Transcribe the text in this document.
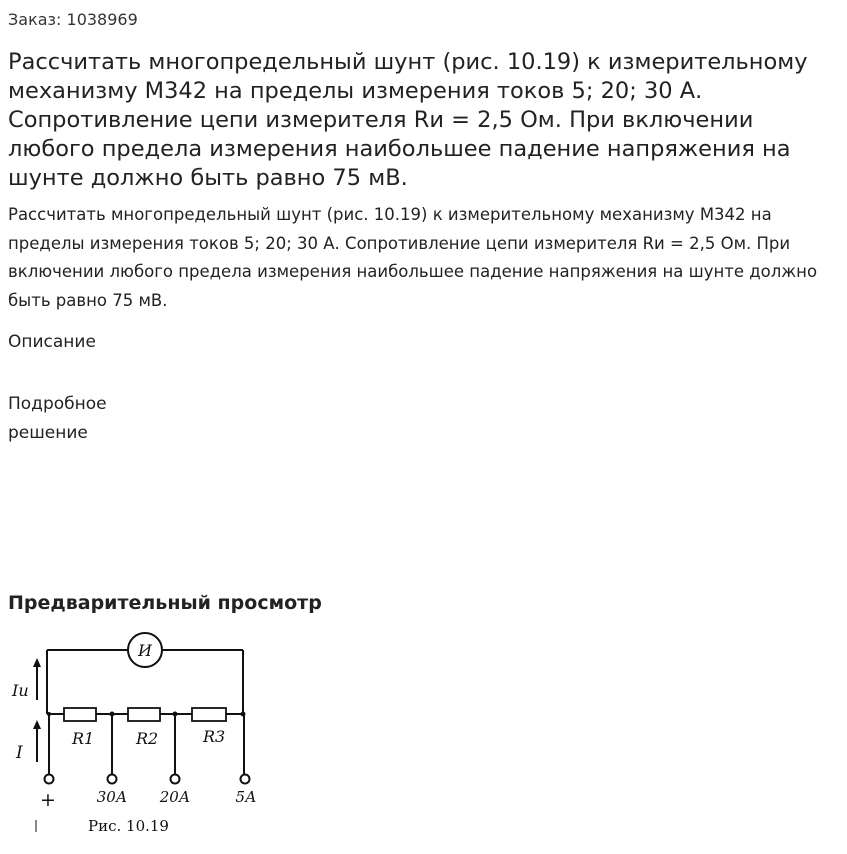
Заказ: 1038969
Рассчитать многопредельный шунт (рис. 10.19) к измерительному механизму М342 на пределы измерения токов 5; 20; 30 А. Сопротивление цепи измерителя Rи = 2,5 Ом. При включении любого предела измерения наибольшее падение напряжения на шунте должно быть равно 75 мВ.

Рассчитать многопредельный шунт (рис. 10.19) к измерительному механизму М342 на пределы измерения токов 5; 20; 30 А. Сопротивление цепи измерителя Rи = 2,5 Ом. При включении любого предела измерения наибольшее падение напряжения на шунте должно быть равно 75 мВ.

Описание
Подробное решение
Предварительный просмотр
И
Iи
I
R1	R2	R3
+	30А 20А	5А
Рис. 10.19
